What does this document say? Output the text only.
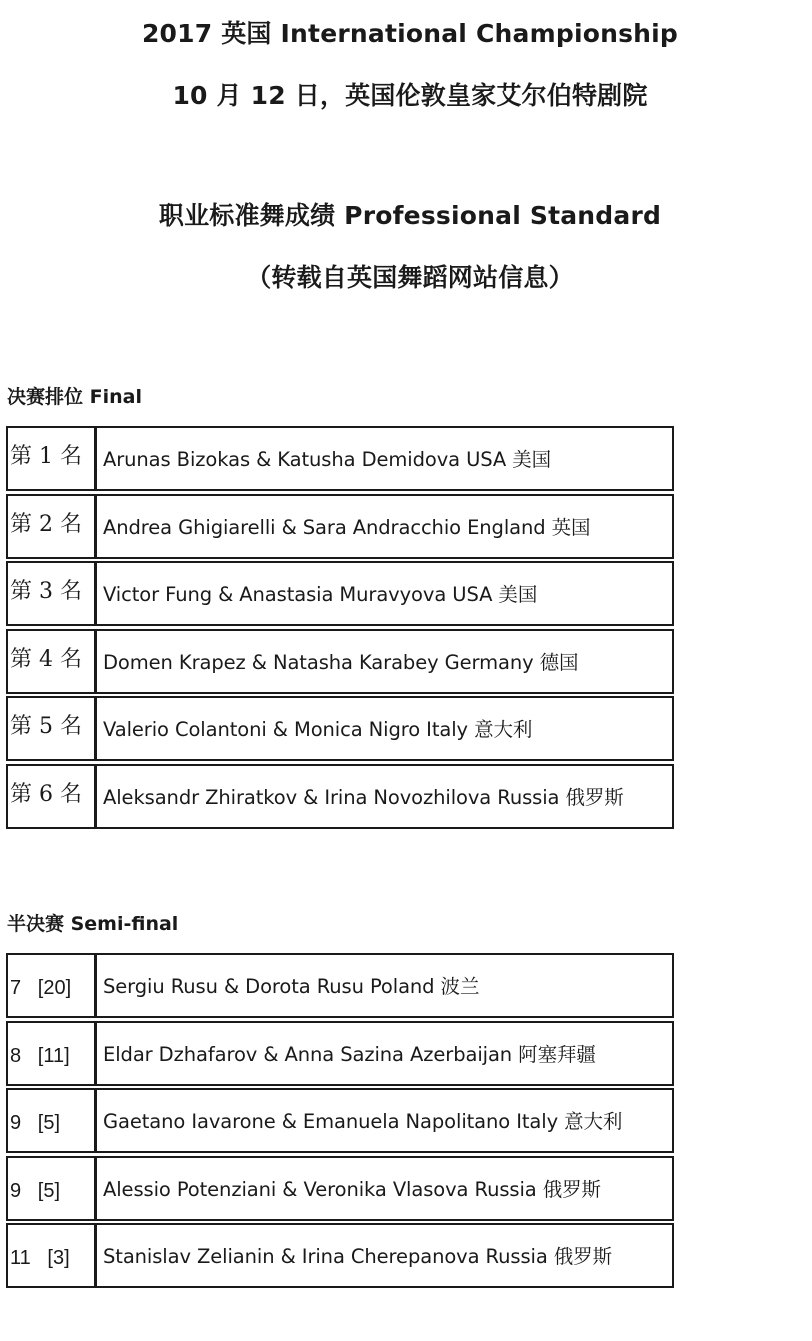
2017 英国 International Championship
10 月 12 日，英国伦敦皇家艾尔伯特剧院
职业标准舞成绩 Professional Standard
（转载自英国舞蹈网站信息）
决赛排位 Final
第 1 名	Arunas Bizokas & Katusha Demidova USA 美国
第 2 名	Andrea Ghigiarelli & Sara Andracchio England 英国
第 3 名	Victor Fung & Anastasia Muravyova USA 美国
第 4 名	Domen Krapez & Natasha Karabey Germany 德国
第 5 名	Valerio Colantoni & Monica Nigro Italy 意大利
第 6 名	Aleksandr Zhiratkov & Irina Novozhilova Russia 俄罗斯
半决赛 Semi-final
7   [20]	Sergiu Rusu & Dorota Rusu Poland 波兰
8   [11]	Eldar Dzhafarov & Anna Sazina Azerbaijan 阿塞拜疆
9   [5]	Gaetano Iavarone & Emanuela Napolitano Italy 意大利
9   [5]	Alessio Potenziani & Veronika Vlasova Russia 俄罗斯
11   [3]	Stanislav Zelianin & Irina Cherepanova Russia 俄罗斯
